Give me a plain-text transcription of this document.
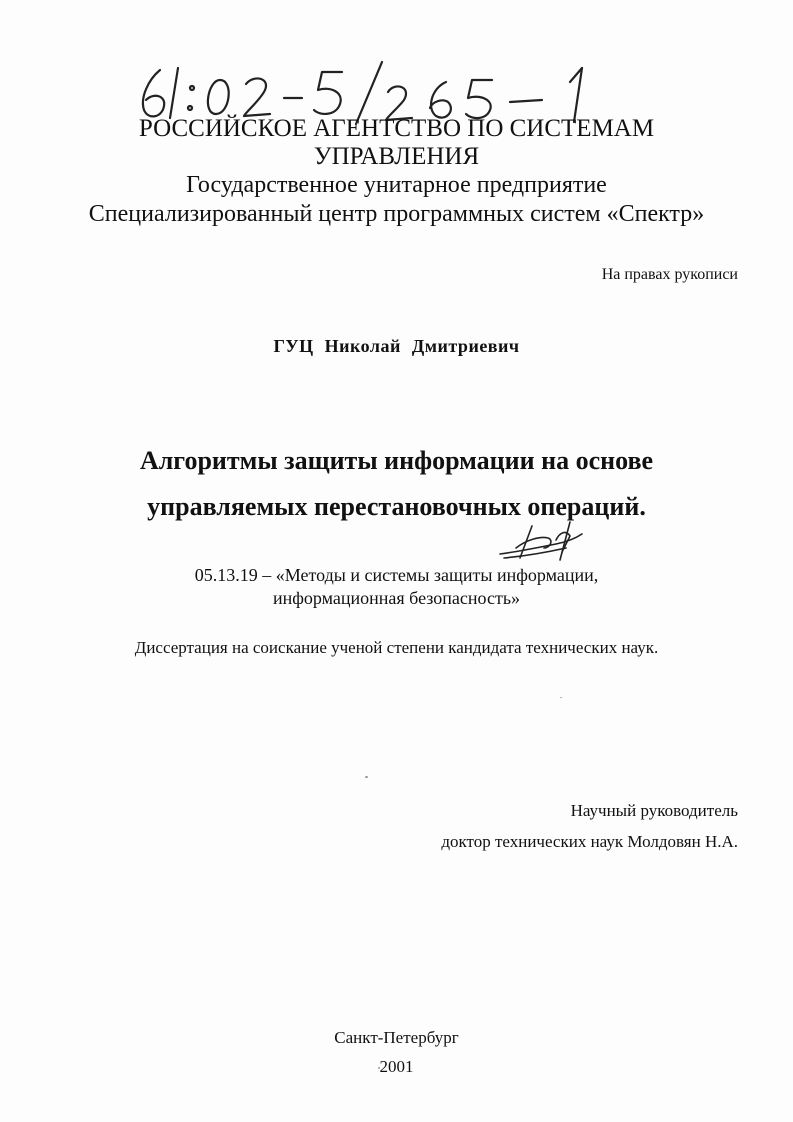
РОССИЙСКОЕ АГЕНТСТВО ПО СИСТЕМАМ

УПРАВЛЕНИЯ

Государственное унитарное предприятие

Специализированный центр программных систем «Спектр»

На правах рукописи

ГУЦ Николай Дмитриевич

Алгоритмы защиты информации на основе

управляемых перестановочных операций.

05.13.19 – «Методы и системы защиты информации,

информационная безопасность»

Диссертация на соискание ученой степени кандидата технических наук.

Научный руководитель

доктор технических наук Молдовян Н.А.

Санкт-Петербург

2001
